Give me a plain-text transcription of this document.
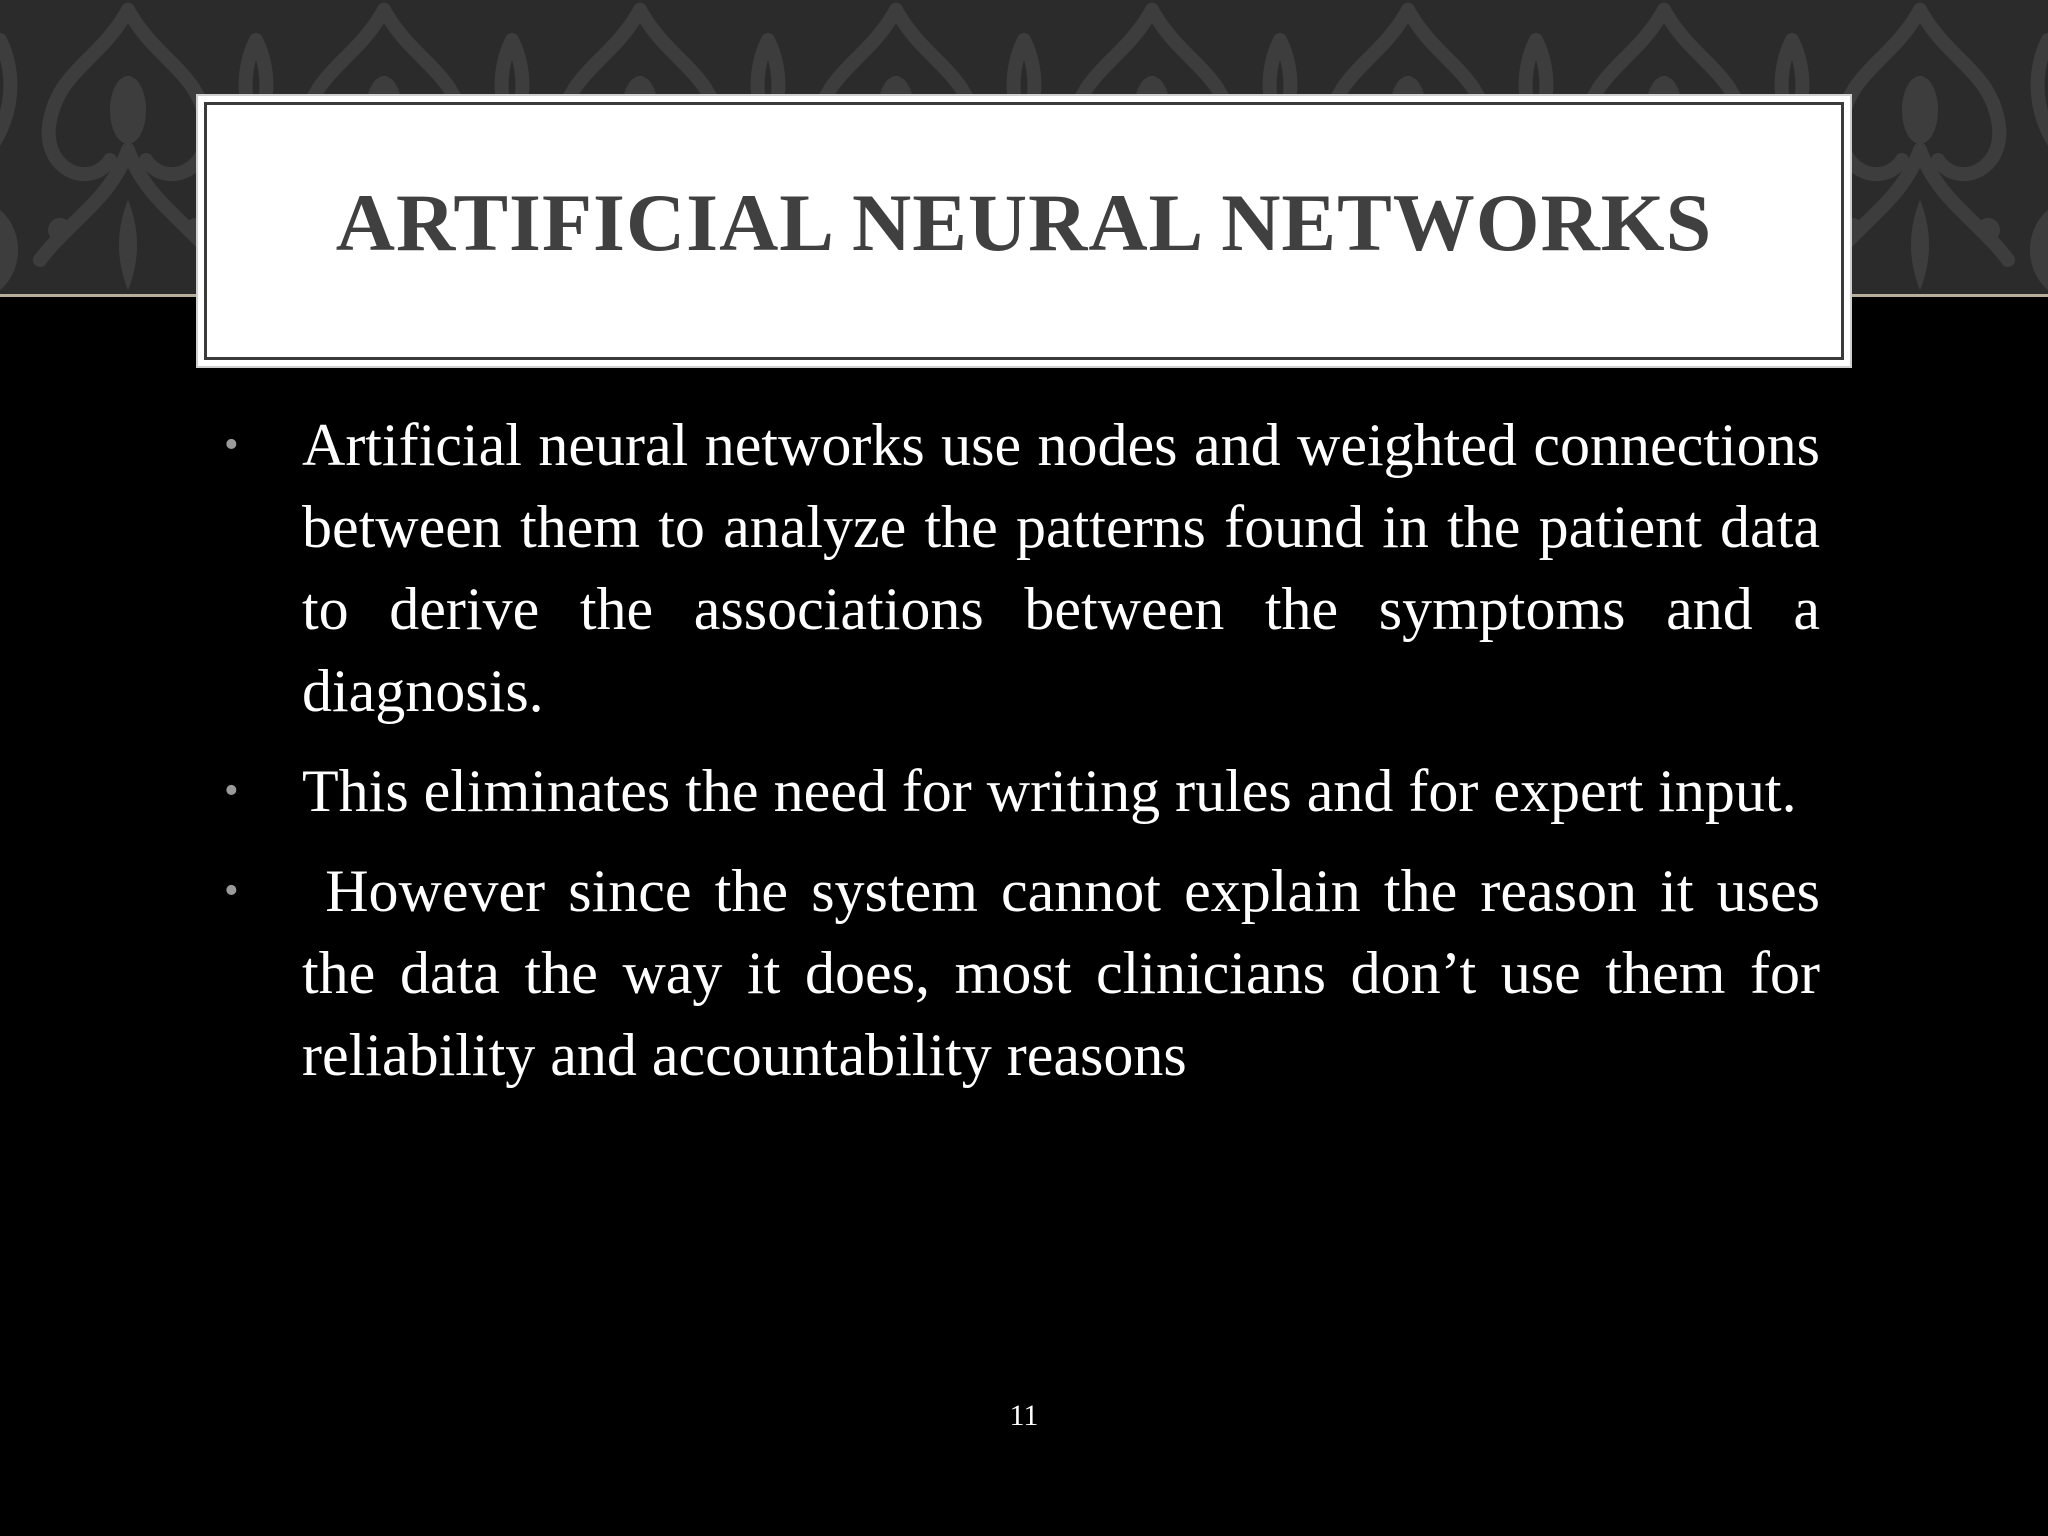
ARTIFICIAL NEURAL NETWORKS
• Artificial neural networks use nodes and weighted connections between them to analyze the patterns found in the patient data to derive the associations between the symptoms and a diagnosis.
• This eliminates the need for writing rules and for expert input.
• However since the system cannot explain the reason it uses the data the way it does, most clinicians don’t use them for reliability and accountability reasons
11
